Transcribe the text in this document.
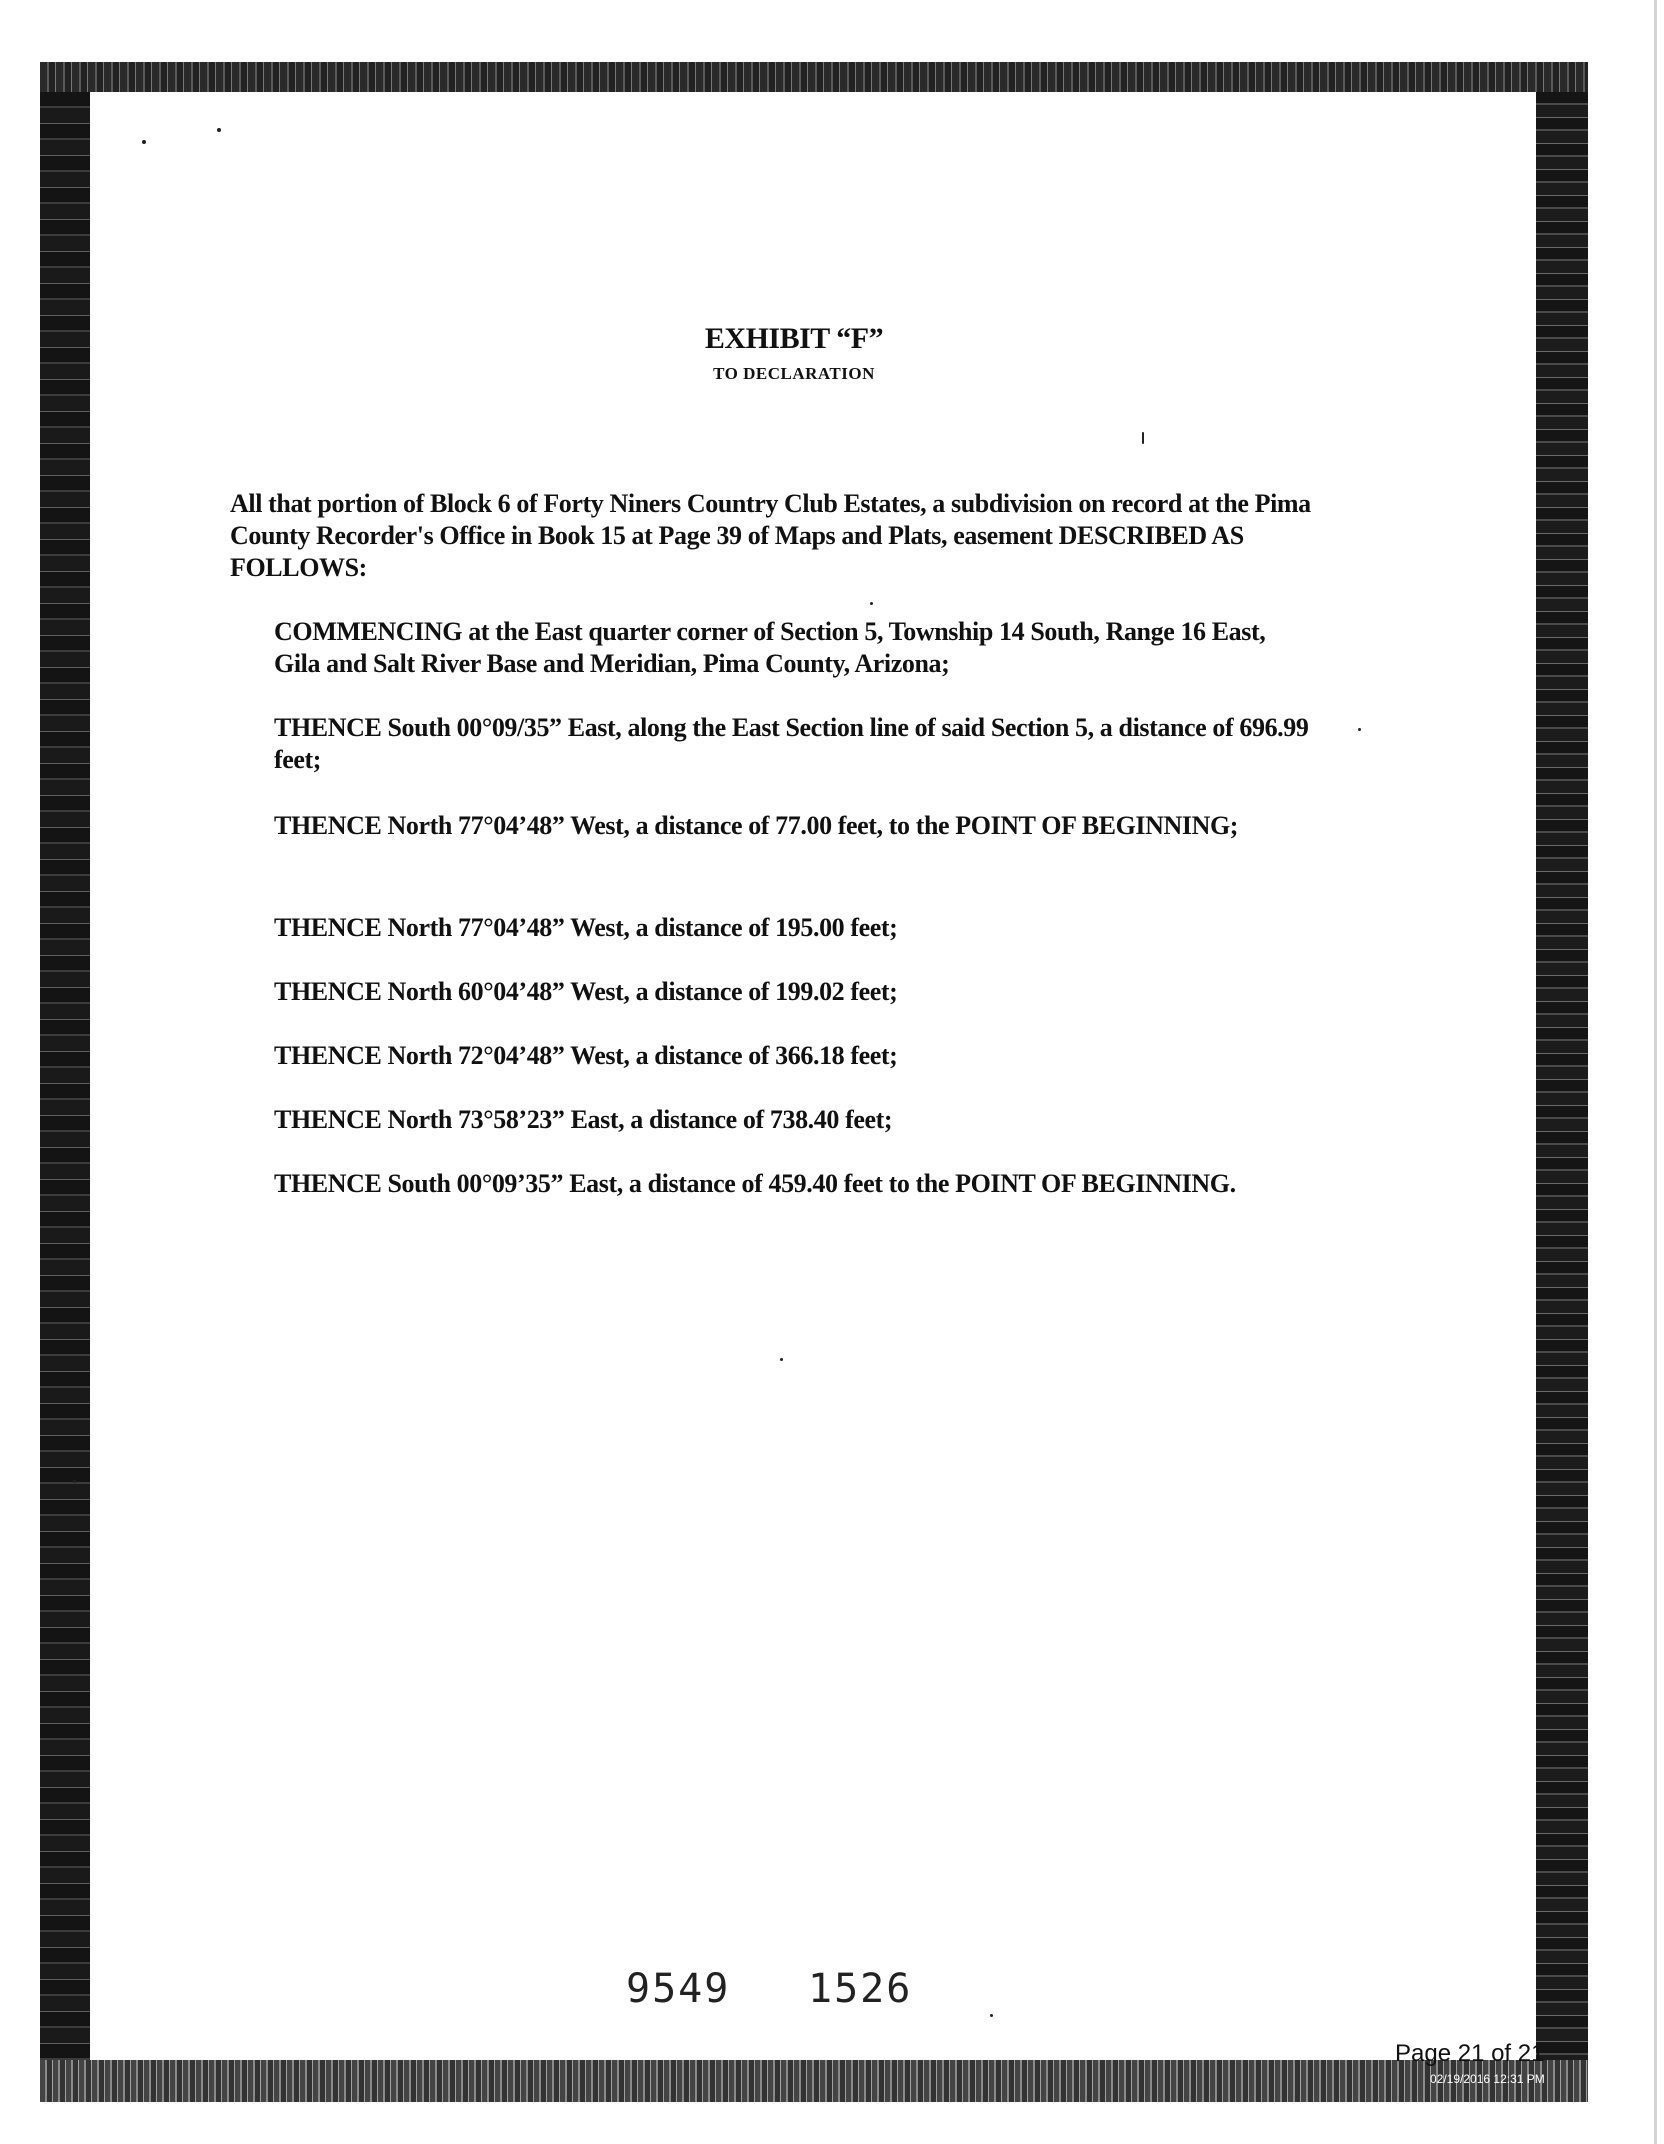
EXHIBIT “F”
TO DECLARATION
All that portion of Block 6 of Forty Niners Country Club Estates, a subdivision on record at the Pima County Recorder's Office in Book 15 at Page 39 of Maps and Plats, easement DESCRIBED AS FOLLOWS:
COMMENCING at the East quarter corner of Section 5, Township 14 South, Range 16 East, Gila and Salt River Base and Meridian, Pima County, Arizona;
THENCE South 00°09/35” East, along the East Section line of said Section 5, a distance of 696.99 feet;
THENCE North 77°04’48” West, a distance of 77.00 feet, to the POINT OF BEGINNING;
THENCE North 77°04’48” West, a distance of 195.00 feet;
THENCE North 60°04’48” West, a distance of 199.02 feet;
THENCE North 72°04’48” West, a distance of 366.18 feet;
THENCE North 73°58’23” East, a distance of 738.40 feet;
THENCE South 00°09’35” East, a distance of 459.40 feet to the POINT OF BEGINNING.
9549 1526
Page 21 of 21
02/19/2016 12:31 PM
